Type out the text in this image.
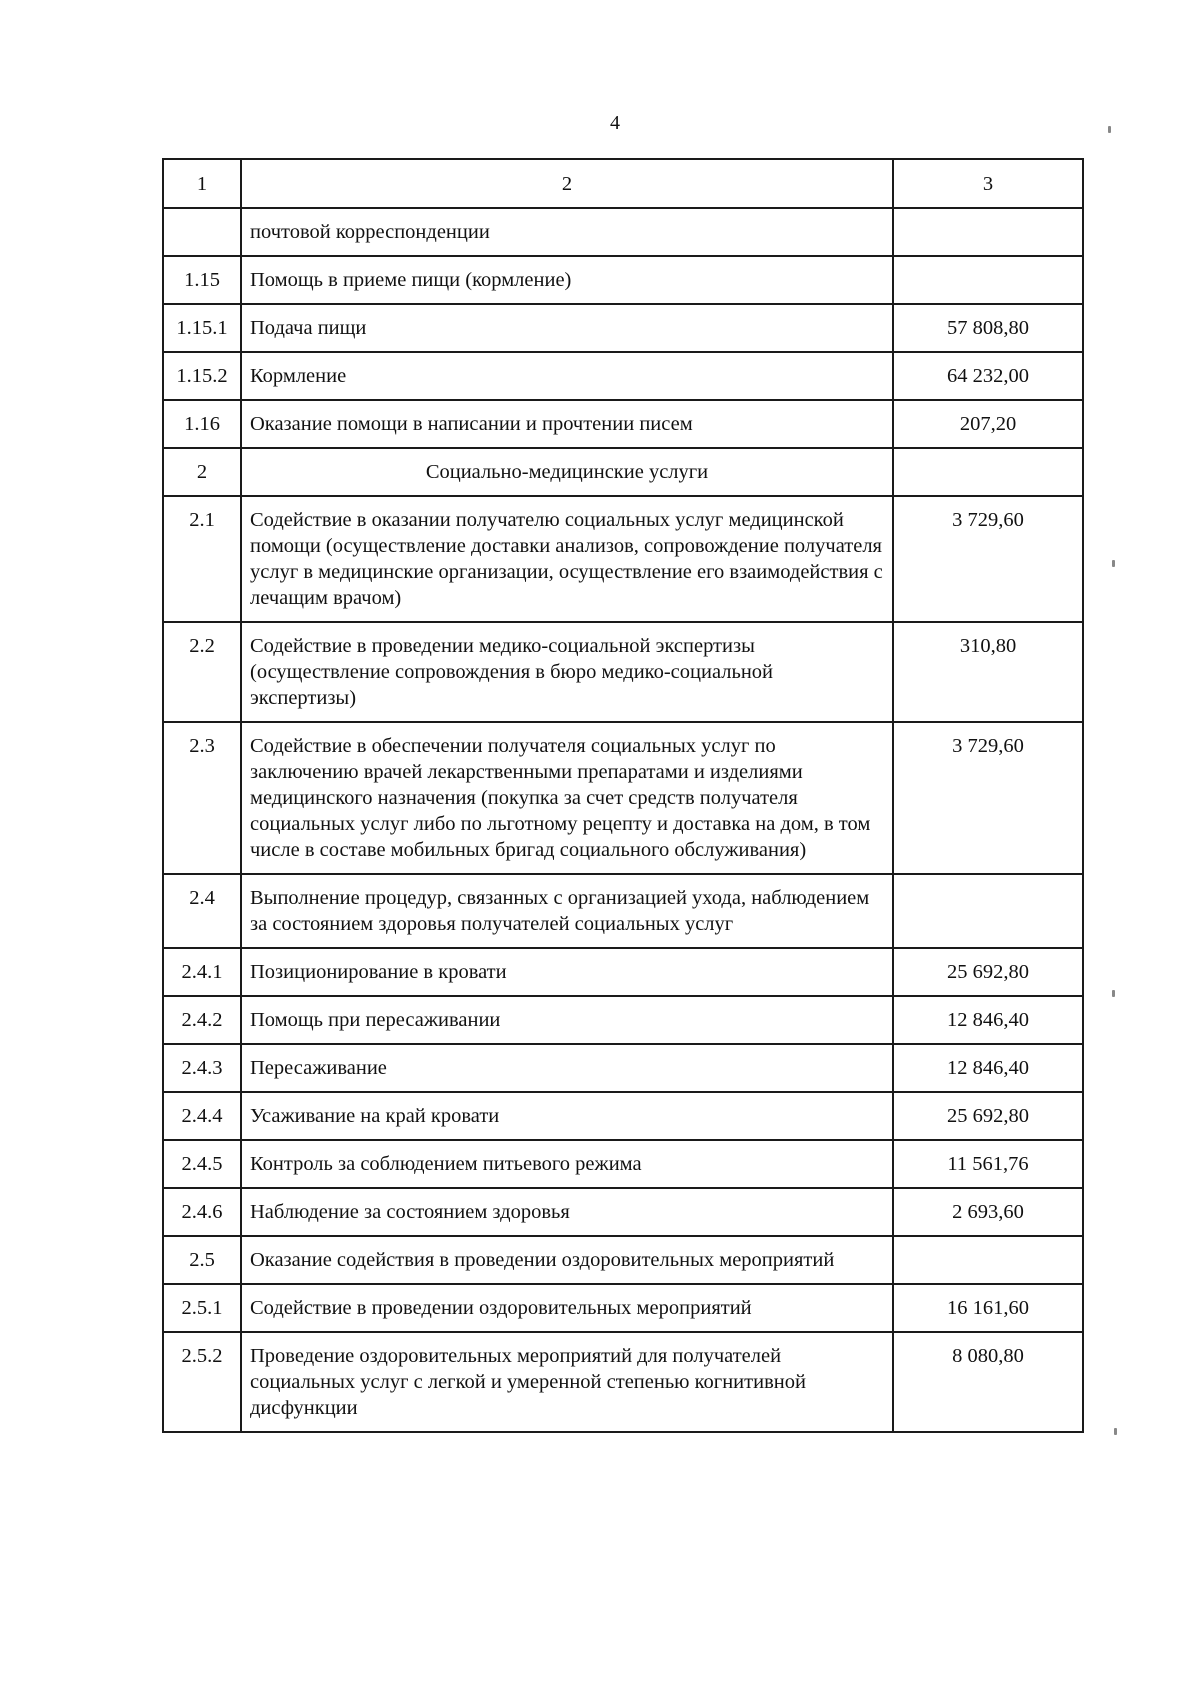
4
1	2	3
	почтовой корреспонденции	
1.15	Помощь в приеме пищи (кормление)	
1.15.1	Подача пищи	57 808,80
1.15.2	Кормление	64 232,00
1.16	Оказание помощи в написании и прочтении писем	207,20
2	Социально-медицинские услуги	
2.1	Содействие в оказании получателю социальных услуг медицинской помощи (осуществление доставки анализов, сопровождение получателя услуг в медицинские организации, осуществление его взаимодействия с лечащим врачом)	3 729,60
2.2	Содействие в проведении медико-социальной экспертизы (осуществление сопровождения в бюро медико-социальной экспертизы)	310,80
2.3	Содействие в обеспечении получателя социальных услуг по заключению врачей лекарственными препаратами и изделиями медицинского назначения (покупка за счет средств получателя социальных услуг либо по льготному рецепту и доставка на дом, в том числе в составе мобильных бригад социального обслуживания)	3 729,60
2.4	Выполнение процедур, связанных с организацией ухода, наблюдением за состоянием здоровья получателей социальных услуг	
2.4.1	Позиционирование в кровати	25 692,80
2.4.2	Помощь при пересаживании	12 846,40
2.4.3	Пересаживание	12 846,40
2.4.4	Усаживание на край кровати	25 692,80
2.4.5	Контроль за соблюдением питьевого режима	11 561,76
2.4.6	Наблюдение за состоянием здоровья	2 693,60
2.5	Оказание содействия в проведении оздоровительных мероприятий	
2.5.1	Содействие в проведении оздоровительных мероприятий	16 161,60
2.5.2	Проведение оздоровительных мероприятий для получателей социальных услуг с легкой и умеренной степенью когнитивной дисфункции	8 080,80
